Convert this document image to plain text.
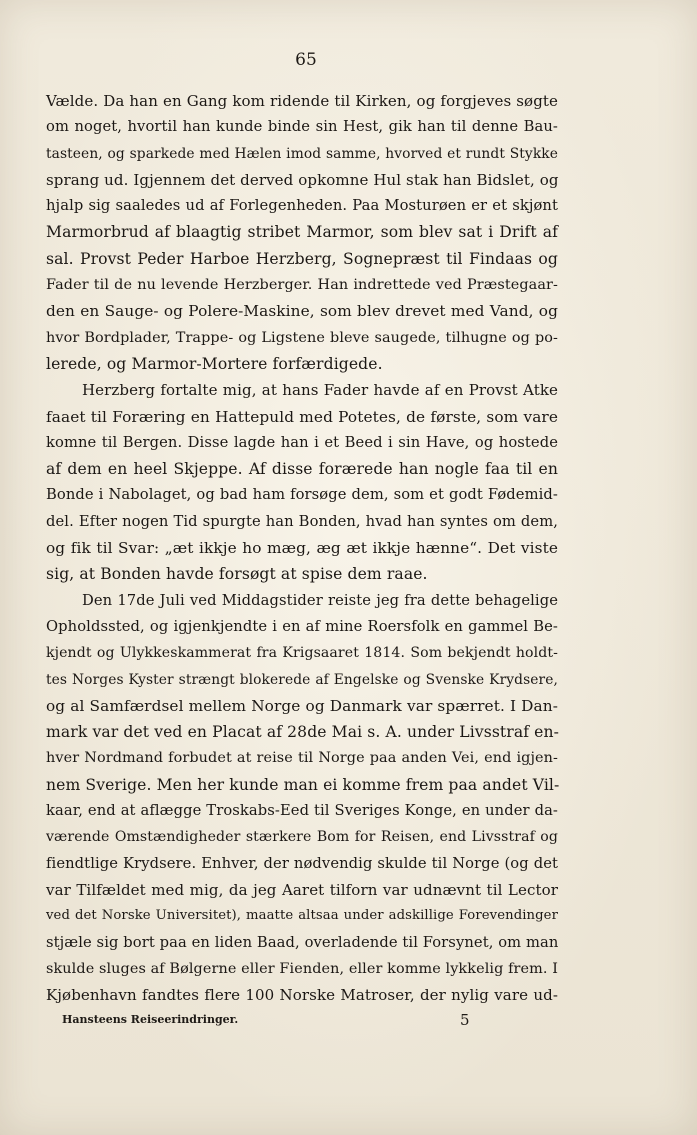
65
Vælde. Da han en Gang kom ridende til Kirken, og forgjeves søgte
om noget, hvortil han kunde binde sin Hest, gik han til denne Bau-
tasteen, og sparkede med Hælen imod samme, hvorved et rundt Stykke
sprang ud. Igjennem det derved opkomne Hul stak han Bidslet, og
hjalp sig saaledes ud af Forlegenheden. Paa Mosturøen er et skjønt
Marmorbrud af blaagtig stribet Marmor, som blev sat i Drift af
sal. Provst Peder Harboe Herzberg, Sognepræst til Findaas og
Fader til de nu levende Herzberger. Han indrettede ved Præstegaar-
den en Sauge- og Polere-Maskine, som blev drevet med Vand, og
hvor Bordplader, Trappe- og Ligstene bleve saugede, tilhugne og po-
lerede, og Marmor-Mortere forfærdigede.
Herzberg fortalte mig, at hans Fader havde af en Provst Atke
faaet til Foræring en Hattepuld med Potetes, de første, som vare
komne til Bergen. Disse lagde han i et Beed i sin Have, og hostede
af dem en heel Skjeppe. Af disse forærede han nogle faa til en
Bonde i Nabolaget, og bad ham forsøge dem, som et godt Fødemid-
del. Efter nogen Tid spurgte han Bonden, hvad han syntes om dem,
og fik til Svar: „æt ikkje ho mæg, æg æt ikkje hænne“. Det viste
sig, at Bonden havde forsøgt at spise dem raae.
Den 17de Juli ved Middagstider reiste jeg fra dette behagelige
Opholdssted, og igjenkjendte i en af mine Roersfolk en gammel Be-
kjendt og Ulykkeskammerat fra Krigsaaret 1814. Som bekjendt holdt-
tes Norges Kyster strængt blokerede af Engelske og Svenske Krydsere,
og al Samfærdsel mellem Norge og Danmark var spærret. I Dan-
mark var det ved en Placat af 28de Mai s. A. under Livsstraf en-
hver Nordmand forbudet at reise til Norge paa anden Vei, end igjen-
nem Sverige. Men her kunde man ei komme frem paa andet Vil-
kaar, end at aflægge Troskabs-Eed til Sveriges Konge, en under da-
værende Omstændigheder stærkere Bom for Reisen, end Livsstraf og
fiendtlige Krydsere. Enhver, der nødvendig skulde til Norge (og det
var Tilfældet med mig, da jeg Aaret tilforn var udnævnt til Lector
ved det Norske Universitet), maatte altsaa under adskillige Forevendinger
stjæle sig bort paa en liden Baad, overladende til Forsynet, om man
skulde sluges af Bølgerne eller Fienden, eller komme lykkelig frem. I
Kjøbenhavn fandtes flere 100 Norske Matroser, der nylig vare ud-
Hansteens Reiseerindringer.	5
